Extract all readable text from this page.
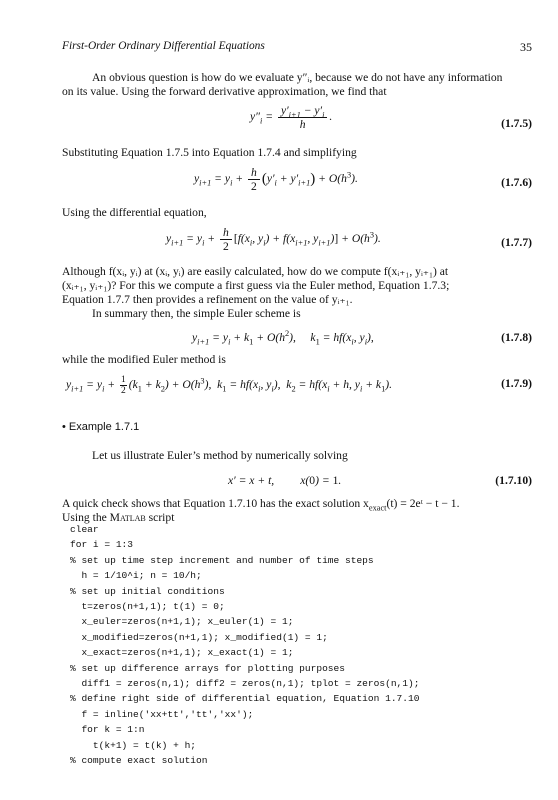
First-Order Ordinary Differential Equations	35
An obvious question is how do we evaluate y″ᵢ, because we do not have any information
on its value. Using the forward derivative approximation, we find that
$y''_i = \frac{y'_{i+1} - y'_i}{h}$ .
(1.7.5)
Substituting Equation 1.7.5 into Equation 1.7.4 and simplifying
$y_{i+1} = y_i + \frac{h}{2} (y'_i + y'_{i+1}) + O(h^3)$.	(1.7.6)
Using the differential equation,
$y_{i+1} = y_i + \frac{h}{2} [f(x_i$, $y_i) + f(x_{i+1}$, $y_{i+1})] + O(h^3)$.	(1.7.7)
Although f(xᵢ, yᵢ) at (xᵢ, yᵢ) are easily calculated, how do we compute f(xᵢ₊₁, yᵢ₊₁) at
(xᵢ₊₁, yᵢ₊₁)? For this we compute a first guess via the Euler method, Equation 1.7.3;
Equation 1.7.7 then provides a refinement on the value of yᵢ₊₁.
In summary then, the simple Euler scheme is
$y_{i+1} = y_i + k_1 + O(h^2)$,     $k_1 = hf(x_i$, $y_i$),	(1.7.8)
while the modified Euler method is
$y_{i+1} = y_i + \frac{1}{2} (k_1 + k_2) + O(h^3)$,  $k_1 = hf(x_i$, $y_i$),  $k_2 = hf(x_i + h$, $y_i + k_1$).	(1.7.9)
• Example 1.7.1
Let us illustrate Euler’s method by numerically solving
x′ = x + t,         x(0) = 1.	(1.7.10)
A quick check shows that Equation 1.7.10 has the exact solution $x_{exact}(t)$ = 2eᵗ − t − 1.
Using the Matlab script
clear
for i = 1:3
% set up time step increment and number of time steps
h = 1/10^i; n = 10/h;
% set up initial conditions
t=zeros(n+1,1); t(1) = 0;
x_euler=zeros(n+1,1); x_euler(1) = 1;
x_modified=zeros(n+1,1); x_modified(1) = 1;
x_exact=zeros(n+1,1); x_exact(1) = 1;
% set up difference arrays for plotting purposes
diff1 = zeros(n,1); diff2 = zeros(n,1); tplot = zeros(n,1);
% define right side of differential equation, Equation 1.7.10
f = inline('xx+tt','tt','xx');
for k = 1:n
t(k+1) = t(k) + h;
% compute exact solution
